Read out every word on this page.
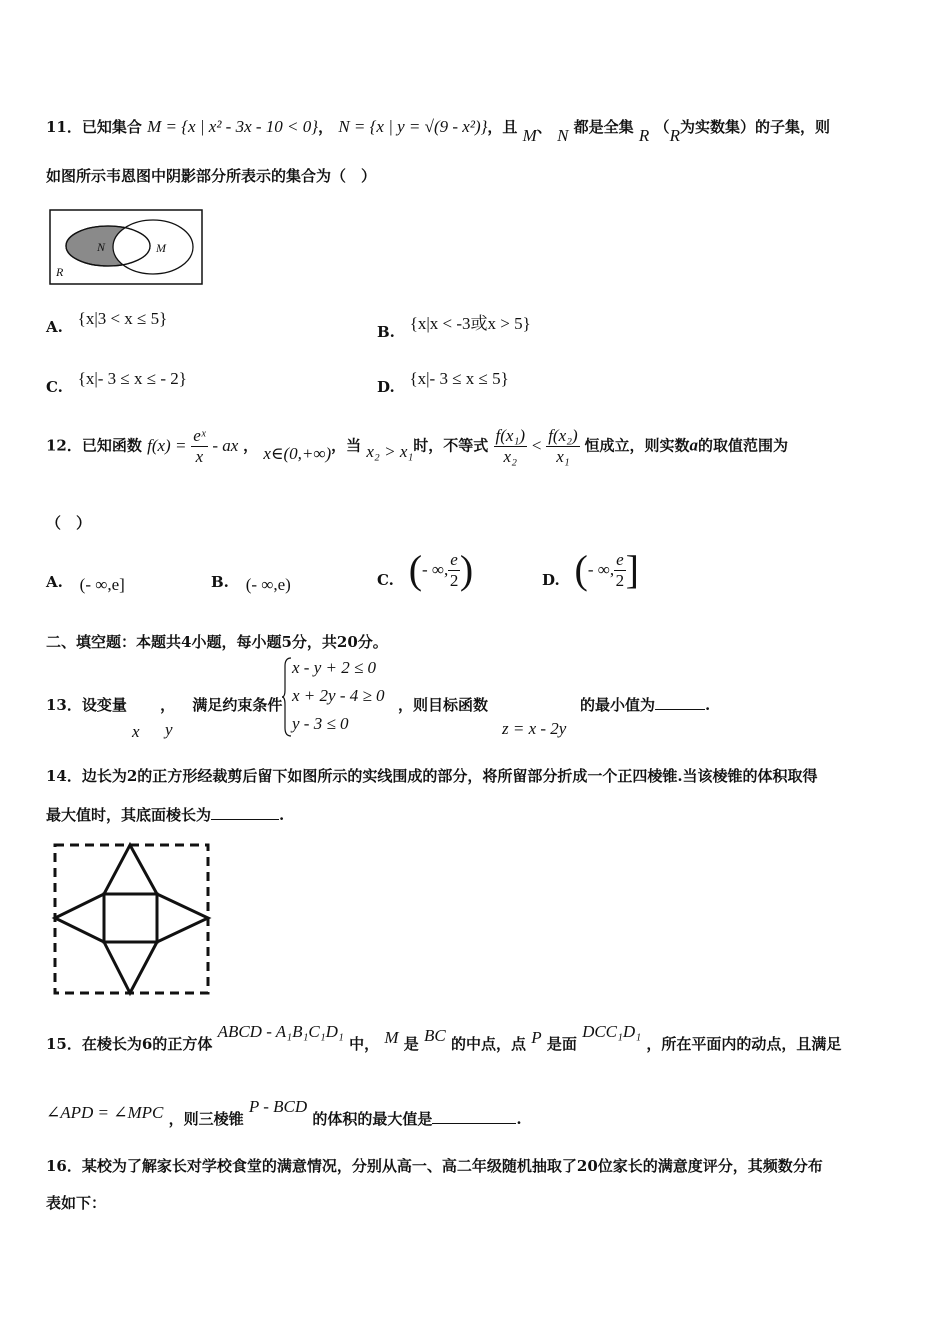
11．已知集合 M = {x | x² - 3x - 10 < 0}， N = {x | y = √(9 - x²)}，且 M、 N 都是全集 R （R为实数集）的子集，则
如图所示韦恩图中阴影部分所表示的集合为（　）
N	M
R
A. {x|3 < x ≤ 5}
B. {x|x < -3或x > 5}
C. {x|- 3 ≤ x ≤ - 2}	D. {x|- 3 ≤ x ≤ 5}
12．已知函数 $f(x) = \frac{\text{eˣ}}{x}$ - ax ， x∈(0,+∞)，当 x₂ > x₁时，不等式 $\frac{\text{f(x₁)}}{\text{x₂}} < \frac{\text{f(x₂)}}{\text{x₁}}$ 恒成立，则实数a的取值范围为
（　）
A. (- ∞,e]	B. (- ∞,e)	C. (- ∞, $\frac{e}{2}$ )	D. (- ∞, $\frac{e}{2}$ ]
二、填空题：本题共4小题，每小题5分，共20分。
13．设变量 ， 满足约束条件
x y
x - y + 2 ≤ 0
x + 2y - 4 ≥ 0
y - 3 ≤ 0
，则目标函数
z = x - 2y
的最小值为	.
14．边长为2的正方形经裁剪后留下如图所示的实线围成的部分，将所留部分折成一个正四棱锥.当该棱锥的体积取得
最大值时，其底面棱长为	.
15．在棱长为6的正方体 ABCD - A₁B₁C₁D₁ 中， M 是 BC 的中点，点 P 是面 DCC₁D₁ ，所在平面内的动点，且满足
∠APD = ∠MPC ，则三棱锥 P - BCD 的体积的最大值是	.
16．某校为了解家长对学校食堂的满意情况，分别从高一、高二年级随机抽取了20位家长的满意度评分，其频数分布
表如下：
